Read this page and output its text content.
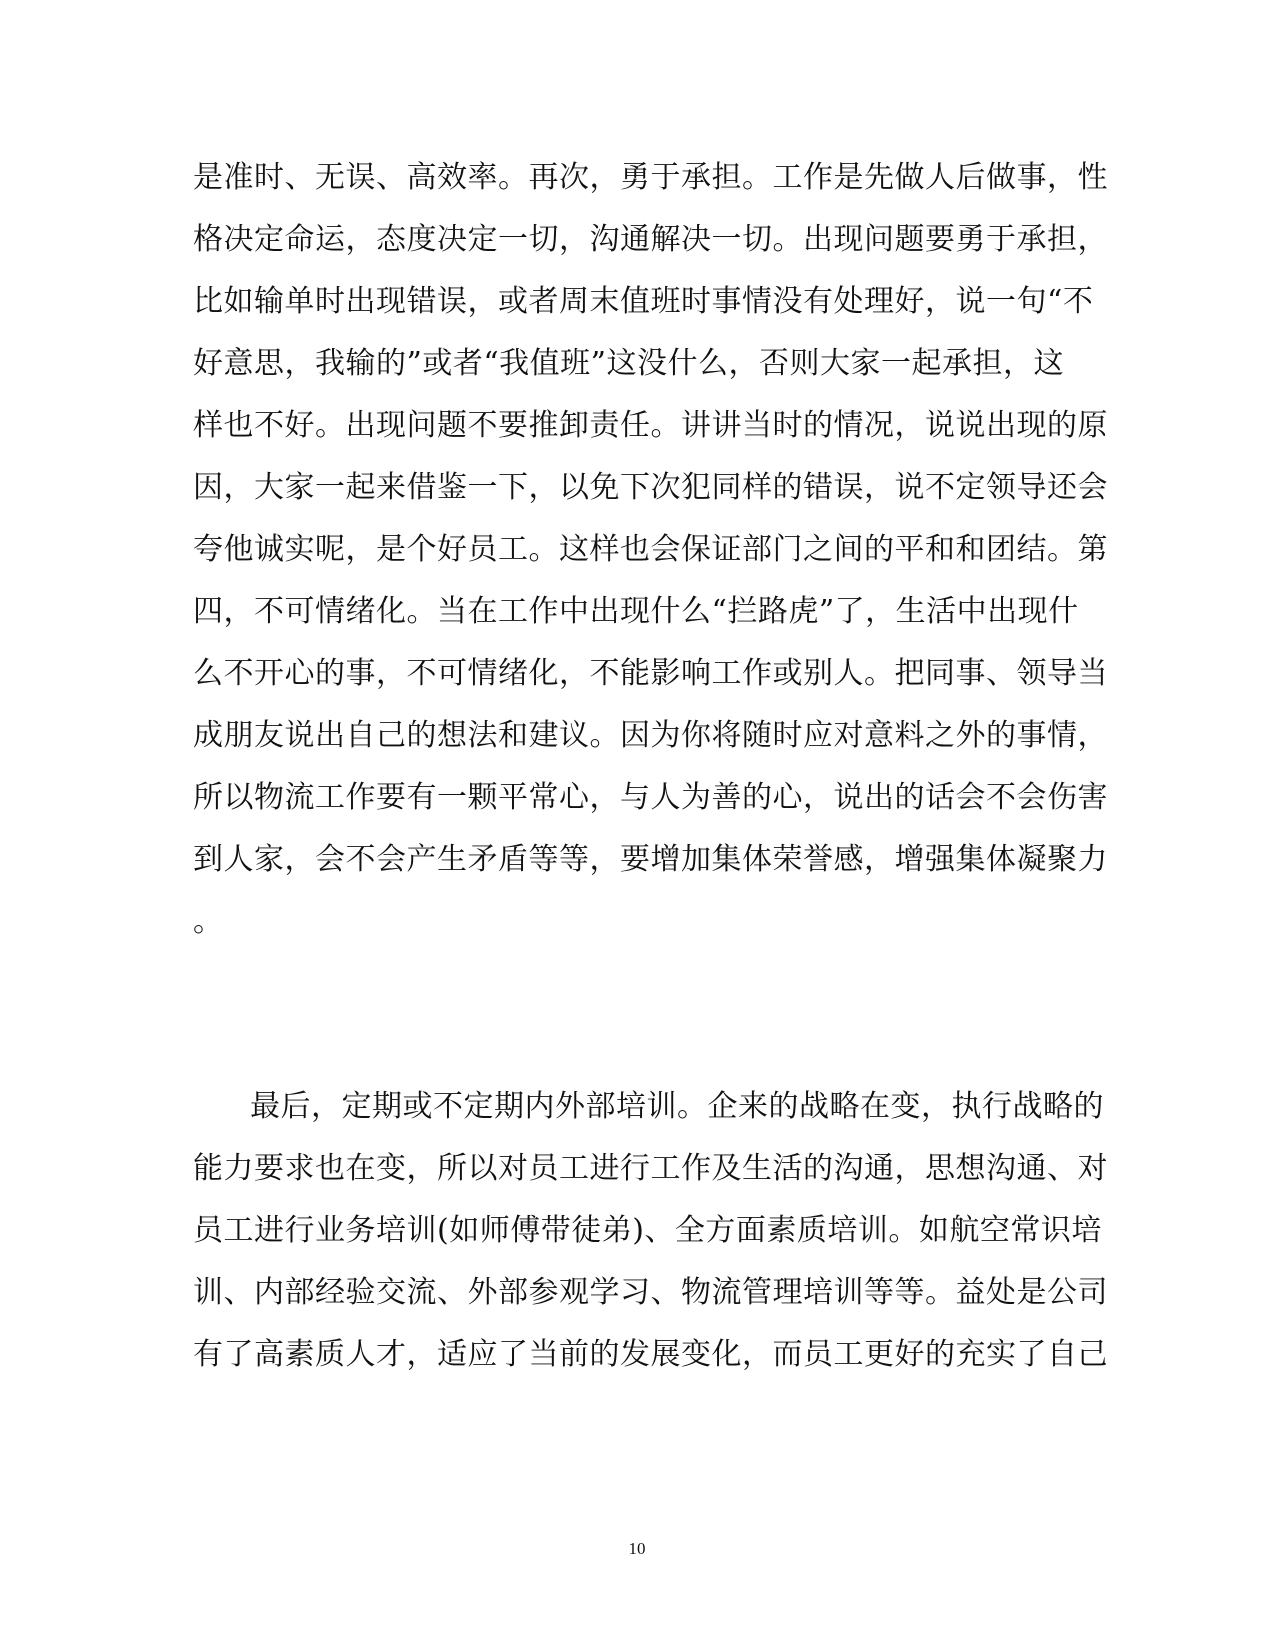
是准时、无误、高效率。再次，勇于承担。工作是先做人后做事，性
格决定命运，态度决定一切，沟通解决一切。出现问题要勇于承担，
比如输单时出现错误，或者周末值班时事情没有处理好，说一句“不
好意思，我输的”或者“我值班”这没什么，否则大家一起承担，这
样也不好。出现问题不要推卸责任。讲讲当时的情况，说说出现的原
因，大家一起来借鉴一下，以免下次犯同样的错误，说不定领导还会
夸他诚实呢，是个好员工。这样也会保证部门之间的平和和团结。第
四，不可情绪化。当在工作中出现什么“拦路虎”了，生活中出现什
么不开心的事，不可情绪化，不能影响工作或别人。把同事、领导当
成朋友说出自己的想法和建议。因为你将随时应对意料之外的事情，
所以物流工作要有一颗平常心，与人为善的心，说出的话会不会伤害
到人家，会不会产生矛盾等等，要增加集体荣誉感，增强集体凝聚力
。
最后，定期或不定期内外部培训。企来的战略在变，执行战略的
能力要求也在变，所以对员工进行工作及生活的沟通，思想沟通、对
员工进行业务培训(如师傅带徒弟)、全方面素质培训。如航空常识培
训、内部经验交流、外部参观学习、物流管理培训等等。益处是公司
有了高素质人才，适应了当前的发展变化，而员工更好的充实了自己
10
